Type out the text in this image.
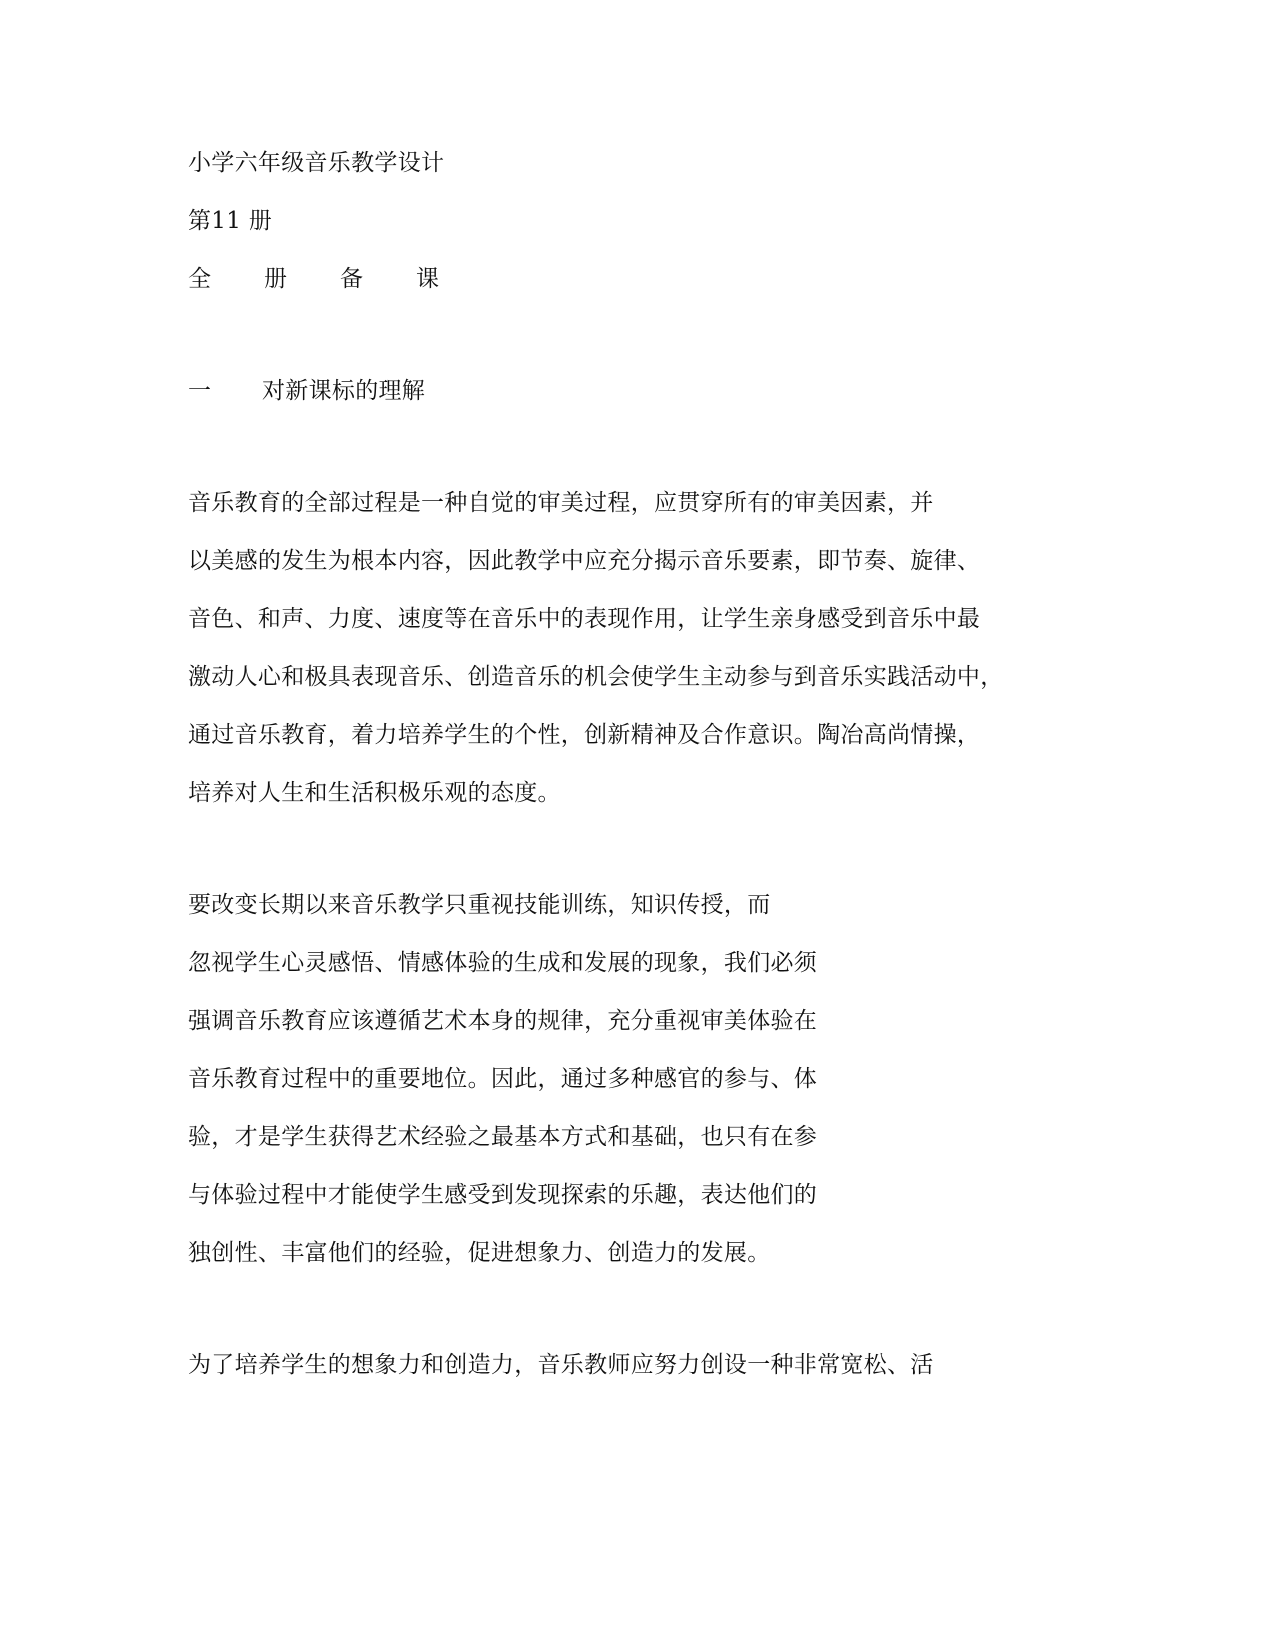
小学六年级音乐教学设计
第11 册
全 册 备 课
一 对新课标的理解
音乐教育的全部过程是一种自觉的审美过程，应贯穿所有的审美因素，并
以美感的发生为根本内容，因此教学中应充分揭示音乐要素，即节奏、旋律、
音色、和声、力度、速度等在音乐中的表现作用，让学生亲身感受到音乐中最
激动人心和极具表现音乐、创造音乐的机会使学生主动参与到音乐实践活动中，
通过音乐教育，着力培养学生的个性，创新精神及合作意识。陶冶高尚情操，
培养对人生和生活积极乐观的态度。
要改变长期以来音乐教学只重视技能训练，知识传授，而
忽视学生心灵感悟、情感体验的生成和发展的现象，我们必须
强调音乐教育应该遵循艺术本身的规律，充分重视审美体验在
音乐教育过程中的重要地位。因此，通过多种感官的参与、体
验，才是学生获得艺术经验之最基本方式和基础，也只有在参
与体验过程中才能使学生感受到发现探索的乐趣，表达他们的
独创性、丰富他们的经验，促进想象力、创造力的发展。
为了培养学生的想象力和创造力，音乐教师应努力创设一种非常宽松、活
